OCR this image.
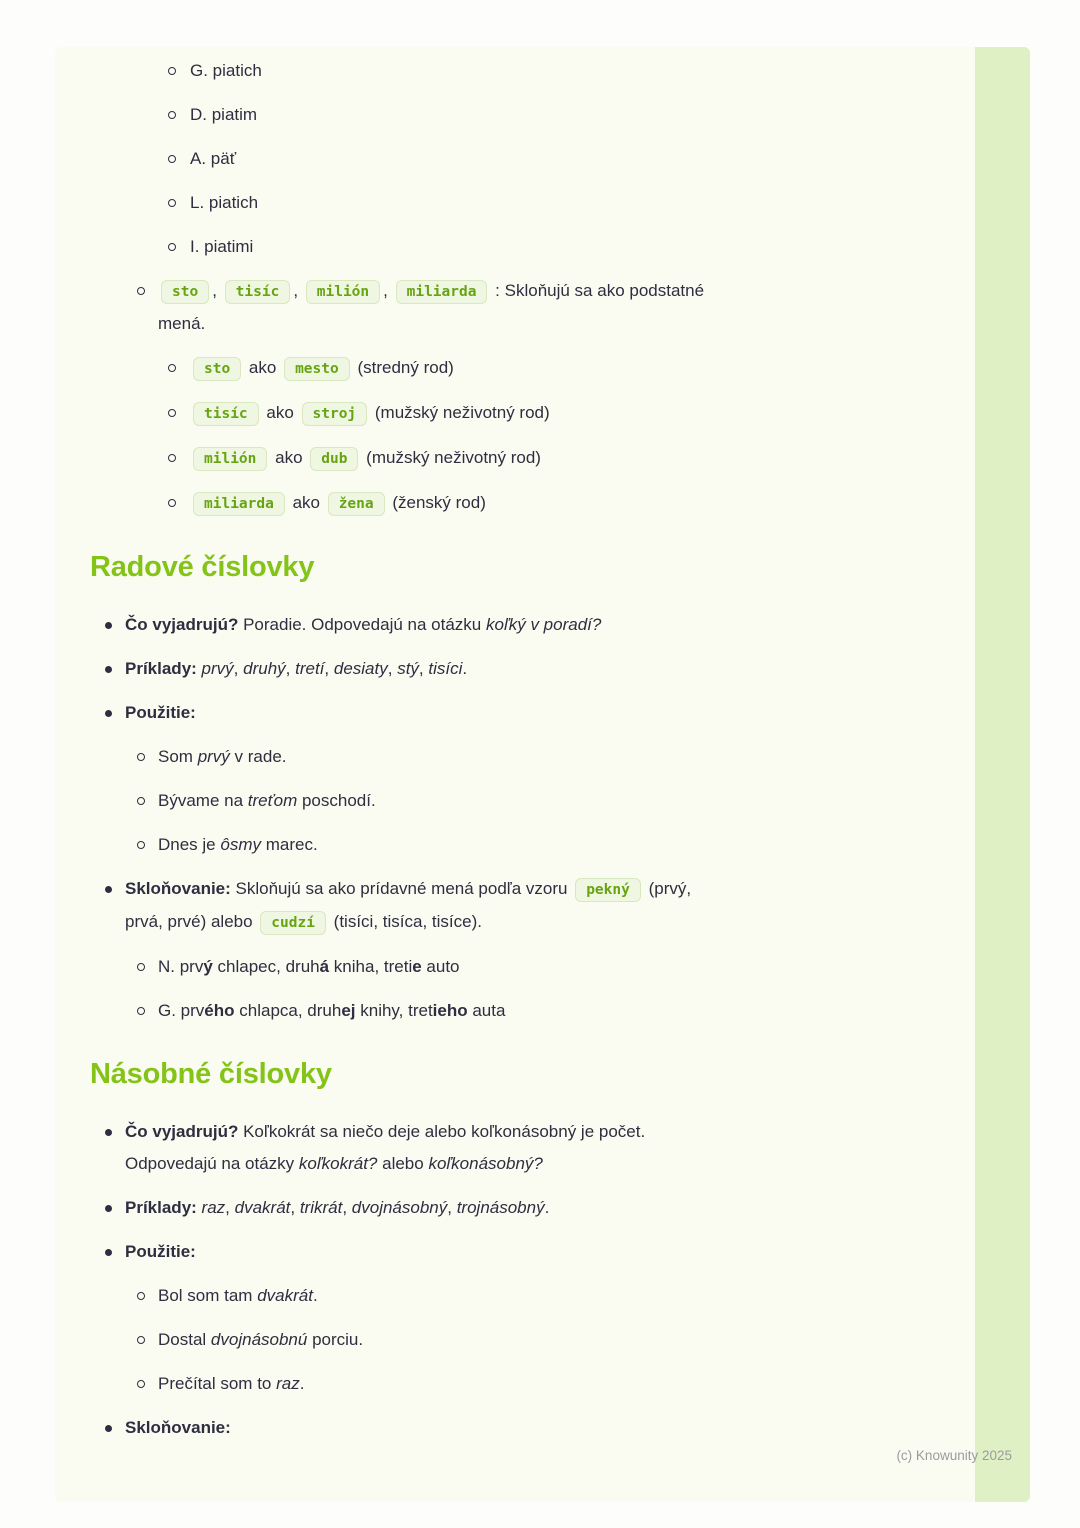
G. piatich
D. piatim
A. päť
L. piatich
I. piatimi
sto , tisíc , milión , miliarda : Skloňujú sa ako podstatné
mená.
sto ako mesto (stredný rod)
tisíc ako stroj (mužský neživotný rod)
milión ako dub (mužský neživotný rod)
miliarda ako žena (ženský rod)
Radové číslovky
Čo vyjadrujú? Poradie. Odpovedajú na otázku koľký v poradí?
Príklady: prvý, druhý, tretí, desiaty, stý, tisíci.
Použitie:
Som prvý v rade.
Bývame na treťom poschodí.
Dnes je ôsmy marec.
Skloňovanie: Skloňujú sa ako prídavné mená podľa vzoru pekný (prvý,
prvá, prvé) alebo cudzí (tisíci, tisíca, tisíce).
N. prvý chlapec, druhá kniha, tretie auto
G. prvého chlapca, druhej knihy, tretieho auta
Násobné číslovky
Čo vyjadrujú? Koľkokrát sa niečo deje alebo koľkonásobný je počet.
Odpovedajú na otázky koľkokrát? alebo koľkonásobný?
Príklady: raz, dvakrát, trikrát, dvojnásobný, trojnásobný.
Použitie:
Bol som tam dvakrát.
Dostal dvojnásobnú porciu.
Prečítal som to raz.
Skloňovanie:
(c) Knowunity 2025
